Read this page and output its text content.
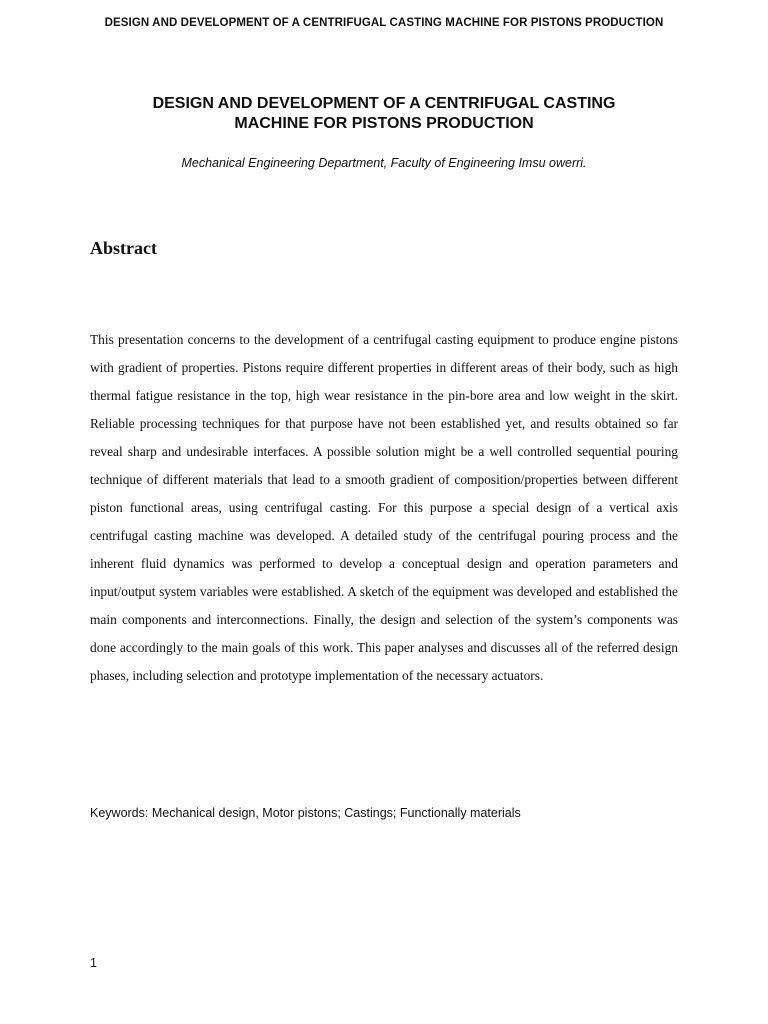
DESIGN AND DEVELOPMENT OF A CENTRIFUGAL CASTING MACHINE FOR PISTONS PRODUCTION
DESIGN AND DEVELOPMENT OF A CENTRIFUGAL CASTING
MACHINE FOR PISTONS PRODUCTION
Mechanical Engineering Department, Faculty of Engineering Imsu owerri.
Abstract
This presentation concerns to the development of a centrifugal casting equipment to produce engine pistons with gradient of properties. Pistons require different properties in different areas of their body, such as high thermal fatigue resistance in the top, high wear resistance in the pin-bore area and low weight in the skirt. Reliable processing techniques for that purpose have not been established yet, and results obtained so far reveal sharp and undesirable interfaces. A possible solution might be a well controlled sequential pouring technique of different materials that lead to a smooth gradient of composition/properties between different piston functional areas, using centrifugal casting. For this purpose a special design of a vertical axis centrifugal casting machine was developed. A detailed study of the centrifugal pouring process and the inherent fluid dynamics was performed to develop a conceptual design and operation parameters and input/output system variables were established. A sketch of the equipment was developed and established the main components and interconnections. Finally, the design and selection of the system’s components was done accordingly to the main goals of this work. This paper analyses and discusses all of the referred design phases, including selection and prototype implementation of the necessary actuators.
Keywords: Mechanical design, Motor pistons; Castings; Functionally materials
1
